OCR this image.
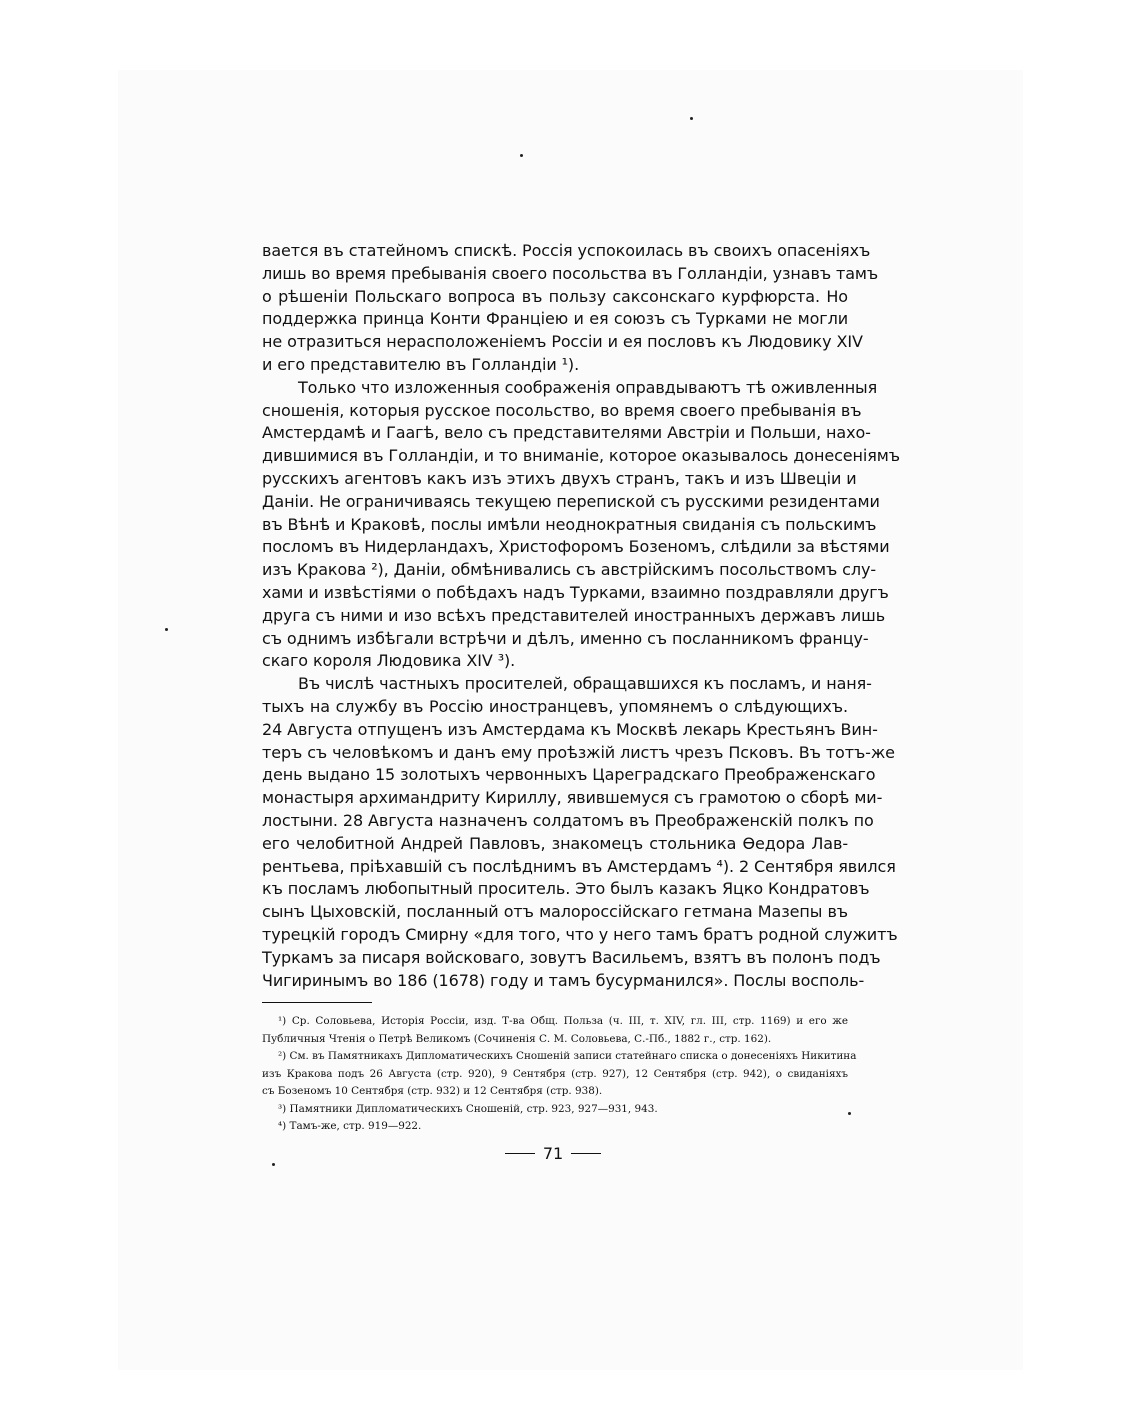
вается въ статейномъ спискѣ. Россія успокоилась въ своихъ опасеніяхъ
лишь во время пребыванія своего посольства въ Голландіи, узнавъ тамъ
о рѣшеніи Польскаго вопроса въ пользу саксонскаго курфюрста. Но
поддержка принца Конти Франціею и ея союзъ съ Турками не могли
не отразиться нерасположеніемъ Россіи и ея пословъ къ Людовику XIV
и его представителю въ Голландіи ¹).
Только что изложенныя соображенія оправдываютъ тѣ оживленныя
сношенія, которыя русское посольство, во время своего пребыванія въ
Амстердамѣ и Гаагѣ, вело съ представителями Австріи и Польши, нахо-
дившимися въ Голландіи, и то вниманіе, которое оказывалось донесеніямъ
русскихъ агентовъ какъ изъ этихъ двухъ странъ, такъ и изъ Швеціи и
Даніи. Не ограничиваясь текущею перепиской съ русскими резидентами
въ Вѣнѣ и Краковѣ, послы имѣли неоднократныя свиданія съ польскимъ
посломъ въ Нидерландахъ, Христофоромъ Бозеномъ, слѣдили за вѣстями
изъ Кракова ²), Даніи, обмѣнивались съ австрійскимъ посольствомъ слу-
хами и извѣстіями о побѣдахъ надъ Турками, взаимно поздравляли другъ
друга съ ними и изо всѣхъ представителей иностранныхъ державъ лишь
съ однимъ избѣгали встрѣчи и дѣлъ, именно съ посланникомъ францу-
скаго короля Людовика XIV ³).
Въ числѣ частныхъ просителей, обращавшихся къ посламъ, и наня-
тыхъ на службу въ Россію иностранцевъ, упомянемъ о слѣдующихъ.
24 Августа отпущенъ изъ Амстердама къ Москвѣ лекарь Крестьянъ Вин-
теръ съ человѣкомъ и данъ ему проѣзжій листъ чрезъ Псковъ. Въ тотъ-же
день выдано 15 золотыхъ червонныхъ Цареградскаго Преображенскаго
монастыря архимандриту Кириллу, явившемуся съ грамотою о сборѣ ми-
лостыни. 28 Августа назначенъ солдатомъ въ Преображенскій полкъ по
его челобитной Андрей Павловъ, знакомецъ стольника Ѳедора Лав-
рентьева, пріѣхавшій съ послѣднимъ въ Амстердамъ ⁴). 2 Сентября явился
къ посламъ любопытный проситель. Это былъ казакъ Яцко Кондратовъ
сынъ Цыховскій, посланный отъ малороссійскаго гетмана Мазепы въ
турецкій городъ Смирну «для того, что у него тамъ братъ родной служитъ
Туркамъ за писаря войсковаго, зовутъ Васильемъ, взятъ въ полонъ подъ
Чигиринымъ во 186 (1678) году и тамъ бусурманился». Послы восполь-
¹) Ср. Соловьева, Исторія Россіи, изд. Т-ва Общ. Польза (ч. III, т. XIV, гл. III, стр. 1169) и его же
Публичныя Чтенія о Петрѣ Великомъ (Сочиненія С. М. Соловьева, С.-Пб., 1882 г., стр. 162).
²) См. въ Памятникахъ Дипломатическихъ Сношеній записи статейнаго списка о донесеніяхъ Никитина
изъ Кракова подъ 26 Августа (стр. 920), 9 Сентября (стр. 927), 12 Сентября (стр. 942), о свиданіяхъ
съ Бозеномъ 10 Сентября (стр. 932) и 12 Сентября (стр. 938).
³) Памятники Дипломатическихъ Сношеній, стр. 923, 927—931, 943.
⁴) Тамъ-же, стр. 919—922.
71
